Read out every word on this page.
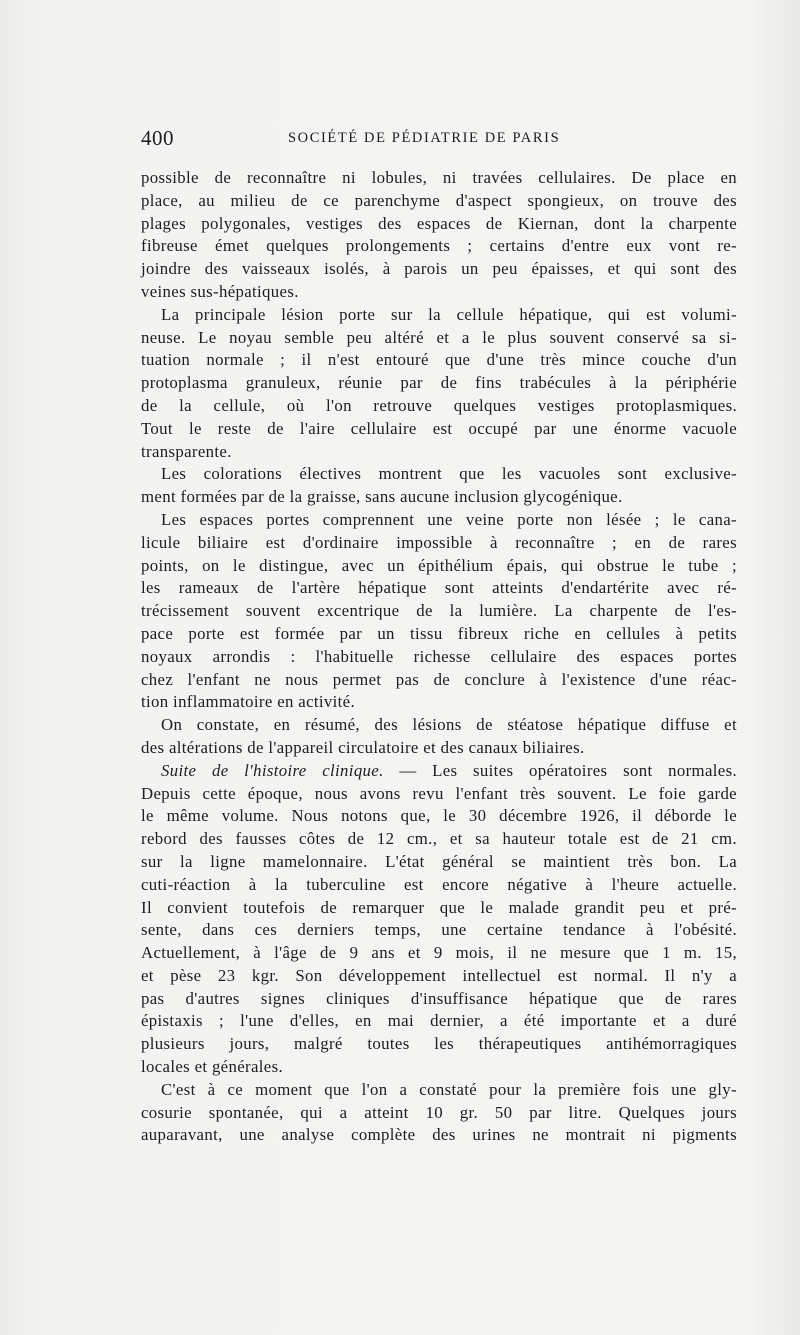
400	SOCIÉTÉ DE PÉDIATRIE DE PARIS
possible de reconnaître ni lobules, ni travées cellulaires. De place en
place, au milieu de ce parenchyme d'aspect spongieux, on trouve des
plages polygonales, vestiges des espaces de Kiernan, dont la charpente
fibreuse émet quelques prolongements ; certains d'entre eux vont re-
joindre des vaisseaux isolés, à parois un peu épaisses, et qui sont des
veines sus-hépatiques.
La principale lésion porte sur la cellule hépatique, qui est volumi-
neuse. Le noyau semble peu altéré et a le plus souvent conservé sa si-
tuation normale ; il n'est entouré que d'une très mince couche d'un
protoplasma granuleux, réunie par de fins trabécules à la périphérie
de la cellule, où l'on retrouve quelques vestiges protoplasmiques.
Tout le reste de l'aire cellulaire est occupé par une énorme vacuole
transparente.
Les colorations électives montrent que les vacuoles sont exclusive-
ment formées par de la graisse, sans aucune inclusion glycogénique.
Les espaces portes comprennent une veine porte non lésée ; le cana-
licule biliaire est d'ordinaire impossible à reconnaître ; en de rares
points, on le distingue, avec un épithélium épais, qui obstrue le tube ;
les rameaux de l'artère hépatique sont atteints d'endartérite avec ré-
trécissement souvent excentrique de la lumière. La charpente de l'es-
pace porte est formée par un tissu fibreux riche en cellules à petits
noyaux arrondis : l'habituelle richesse cellulaire des espaces portes
chez l'enfant ne nous permet pas de conclure à l'existence d'une réac-
tion inflammatoire en activité.
On constate, en résumé, des lésions de stéatose hépatique diffuse et
des altérations de l'appareil circulatoire et des canaux biliaires.
Suite de l'histoire clinique. — Les suites opératoires sont normales.
Depuis cette époque, nous avons revu l'enfant très souvent. Le foie garde
le même volume. Nous notons que, le 30 décembre 1926, il déborde le
rebord des fausses côtes de 12 cm., et sa hauteur totale est de 21 cm.
sur la ligne mamelonnaire. L'état général se maintient très bon. La
cuti-réaction à la tuberculine est encore négative à l'heure actuelle.
Il convient toutefois de remarquer que le malade grandit peu et pré-
sente, dans ces derniers temps, une certaine tendance à l'obésité.
Actuellement, à l'âge de 9 ans et 9 mois, il ne mesure que 1 m. 15,
et pèse 23 kgr. Son développement intellectuel est normal. Il n'y a
pas d'autres signes cliniques d'insuffisance hépatique que de rares
épistaxis ; l'une d'elles, en mai dernier, a été importante et a duré
plusieurs jours, malgré toutes les thérapeutiques antihémorragiques
locales et générales.
C'est à ce moment que l'on a constaté pour la première fois une gly-
cosurie spontanée, qui a atteint 10 gr. 50 par litre. Quelques jours
auparavant, une analyse complète des urines ne montrait ni pigments
